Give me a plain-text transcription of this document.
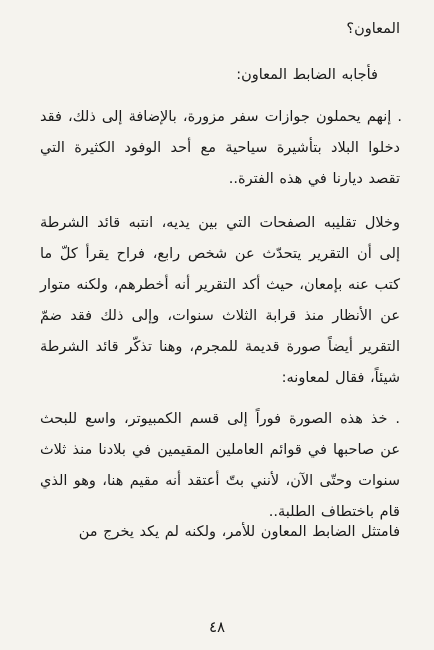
المعاون؟

فأجابه الضابط المعاون:

. إنهم يحملون جوازات سفر مزورة، بالإضافة إلى ذلك، فقد دخلوا البلاد بتأشيرة سياحية مع أحد الوفود الكثيرة التي تقصد ديارنا في هذه الفترة..

وخلال تقليبه الصفحات التي بين يديه، انتبه قائد الشرطة إلى أن التقرير يتحدّث عن شخص رابع، فراح يقرأ كلّ ما كتب عنه بإمعان، حيث أكد التقرير أنه أخطرهم، ولكنه متوار عن الأنظار منذ قرابة الثلاث سنوات، وإلى ذلك فقد ضمّ التقرير أيضاً صورة قديمة للمجرم، وهنا تذكّر قائد الشرطة شيئاً، فقال لمعاونه:

. خذ هذه الصورة فوراً إلى قسم الكمبيوتر، واسع للبحث عن صاحبها في قوائم العاملين المقيمين في بلادنا منذ ثلاث سنوات وحتّى الآن، لأنني بتّ أعتقد أنه مقيم هنا، وهو الذي قام باختطاف الطلبة..

فامتثل الضابط المعاون للأمر، ولكنه لم يكد يخرج من

٤٨
